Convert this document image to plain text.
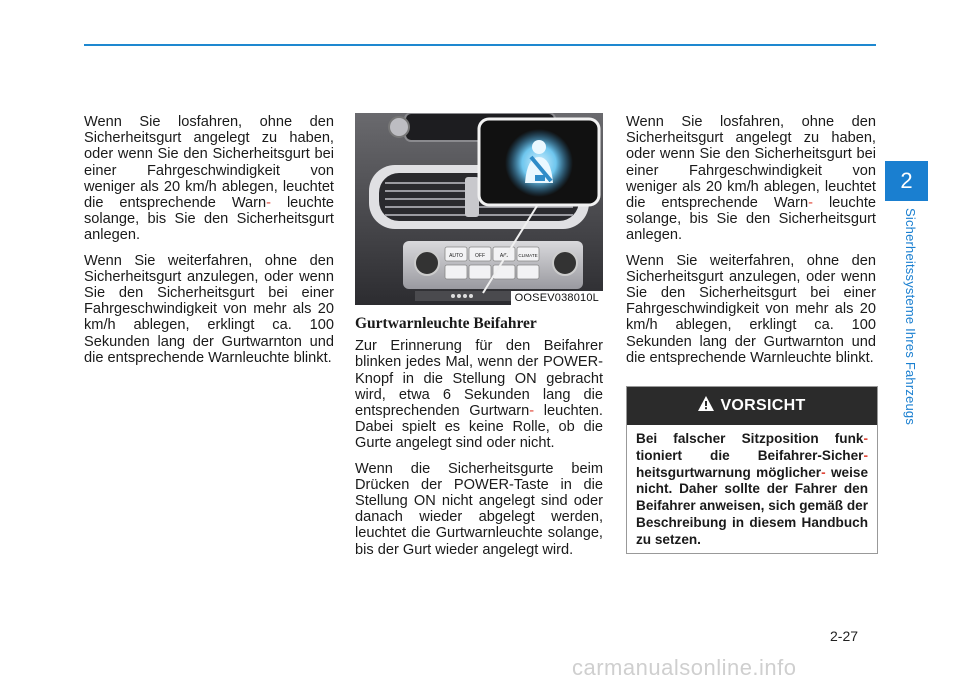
Wenn Sie losfahren, ohne den Sicherheitsgurt angelegt zu haben, oder wenn Sie den Sicherheitsgurt bei einer Fahrgeschwindigkeit von weniger als 20 km/h ablegen, leuchtet die entsprechende Warn- leuchte solange, bis Sie den Sicherheitsgurt anlegen.

Wenn Sie weiterfahren, ohne den Sicherheitsgurt anzulegen, oder wenn Sie den Sicherheitsgurt bei einer Fahrgeschwindigkeit von mehr als 20 km/h ablegen, erklingt ca. 100 Sekunden lang der Gurtwarnton und die entsprechende Warnleuchte blinkt.

AUTO OFF	A/C CLIMATE
OOSEV038010L
Gurtwarnleuchte Beifahrer

Zur Erinnerung für den Beifahrer blinken jedes Mal, wenn der POWER-Knopf in die Stellung ON gebracht wird, etwa 6 Sekunden lang die entsprechenden Gurtwarn- leuchten. Dabei spielt es keine Rolle, ob die Gurte angelegt sind oder nicht.

Wenn die Sicherheitsgurte beim Drücken der POWER-Taste in die Stellung ON nicht angelegt sind oder danach wieder abgelegt werden, leuchtet die Gurtwarnleuchte solange, bis der Gurt wieder angelegt wird.

Wenn Sie losfahren, ohne den Sicherheitsgurt angelegt zu haben, oder wenn Sie den Sicherheitsgurt bei einer Fahrgeschwindigkeit von weniger als 20 km/h ablegen, leuchtet die entsprechende Warn- leuchte solange, bis Sie den Sicherheitsgurt anlegen.

Wenn Sie weiterfahren, ohne den Sicherheitsgurt anzulegen, oder wenn Sie den Sicherheitsgurt bei einer Fahrgeschwindigkeit von mehr als 20 km/h ablegen, erklingt ca. 100 Sekunden lang der Gurtwarnton und die entsprechende Warnleuchte blinkt.

VORSICHT
Bei falscher Sitzposition funk- tioniert die Beifahrer-Sicher- heitsgurtwarnung möglicher- weise nicht. Daher sollte der Fahrer den Beifahrer anweisen, sich gemäß der Beschreibung in diesem Handbuch zu setzen.
2
Sicherheitssysteme Ihres Fahrzeugs
2-27
carmanualsonline.info
